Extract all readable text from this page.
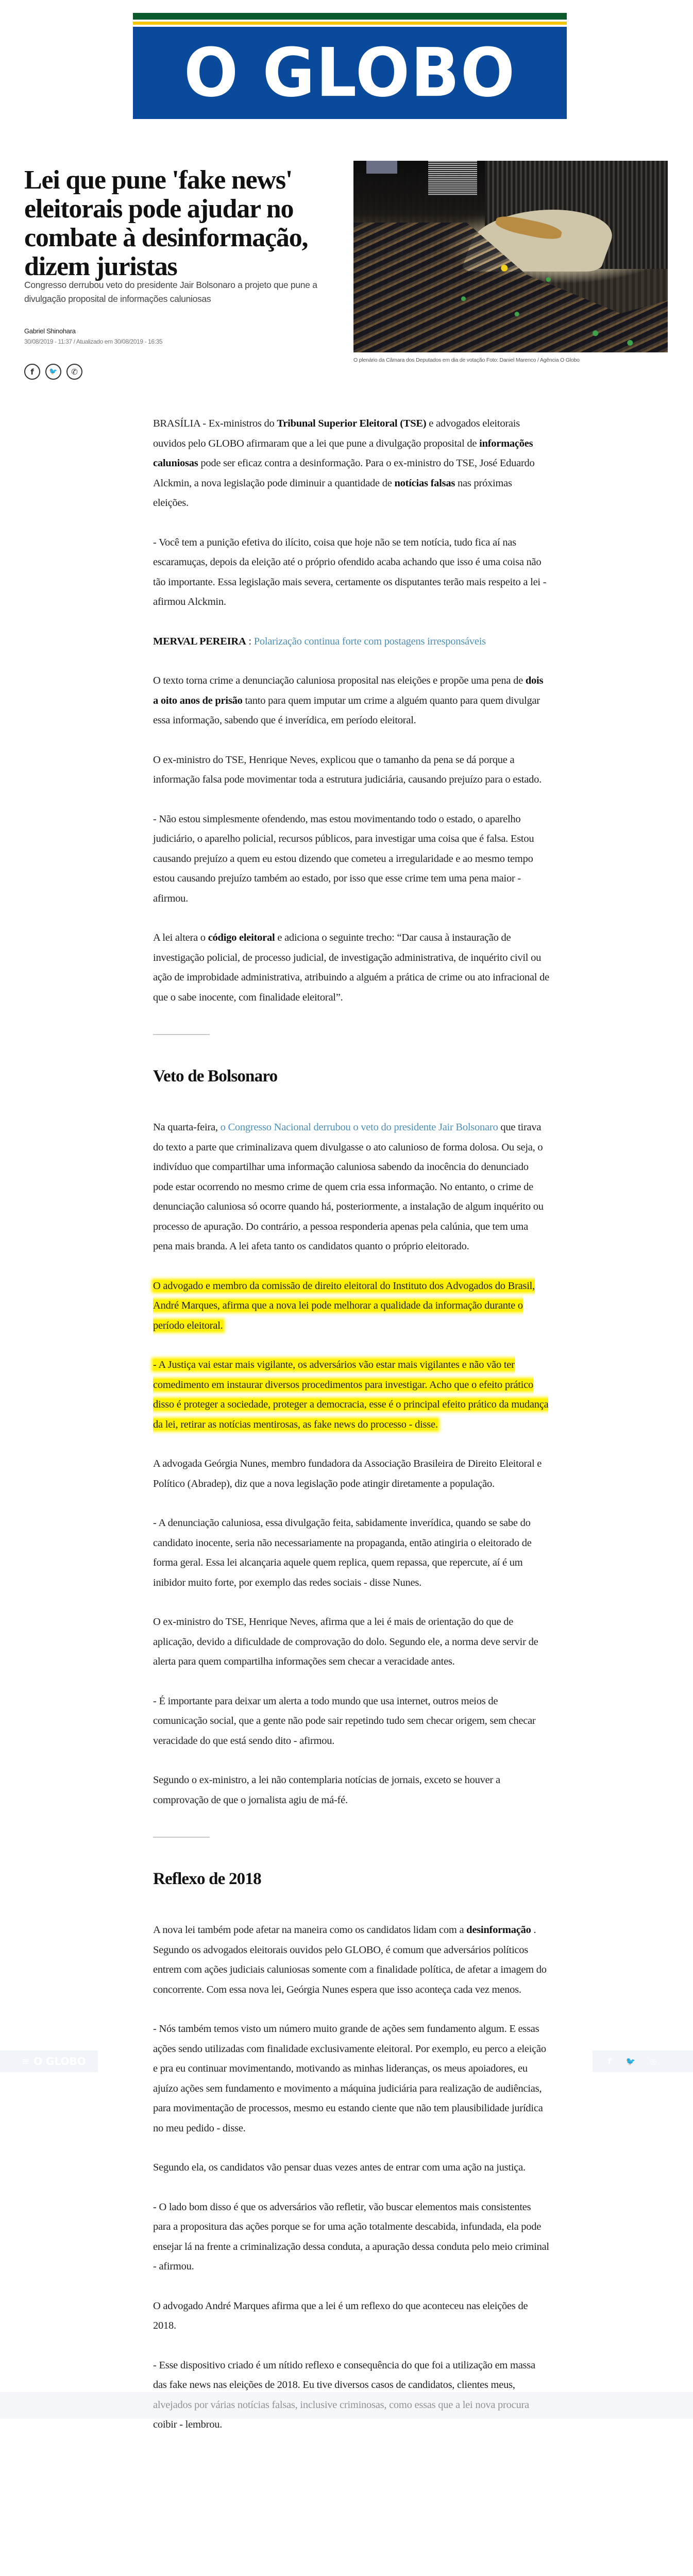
O GLOBO
Lei que pune 'fake news' eleitorais pode ajudar no combate à desinformação, dizem juristas

Congresso derrubou veto do presidente Jair Bolsonaro a projeto que pune a divulgação proposital de informações caluniosas

Gabriel Shinohara
30/08/2019 - 11:37 / Atualizado em 30/08/2019 - 16:35
f 🐦 ✆
O plenário da Câmara dos Deputados em dia de votação Foto: Daniel Marenco / Agência O Globo

BRASÍLIA - Ex-ministros do Tribunal Superior Eleitoral (TSE) e advogados eleitorais ouvidos pelo GLOBO afirmaram que a lei que pune a divulgação proposital de informações caluniosas pode ser eficaz contra a desinformação. Para o ex-ministro do TSE, José Eduardo Alckmin, a nova legislação pode diminuir a quantidade de notícias falsas nas próximas eleições.

- Você tem a punição efetiva do ilícito, coisa que hoje não se tem notícia, tudo fica aí nas escaramuças, depois da eleição até o próprio ofendido acaba achando que isso é uma coisa não tão importante. Essa legislação mais severa, certamente os disputantes terão mais respeito a lei - afirmou Alckmin.

MERVAL PEREIRA : Polarização continua forte com postagens irresponsáveis

O texto torna crime a denunciação caluniosa proposital nas eleições e propõe uma pena de dois a oito anos de prisão tanto para quem imputar um crime a alguém quanto para quem divulgar essa informação, sabendo que é inverídica, em período eleitoral.

O ex-ministro do TSE, Henrique Neves, explicou que o tamanho da pena se dá porque a informação falsa pode movimentar toda a estrutura judiciária, causando prejuízo para o estado.

- Não estou simplesmente ofendendo, mas estou movimentando todo o estado, o aparelho judiciário, o aparelho policial, recursos públicos, para investigar uma coisa que é falsa. Estou causando prejuízo a quem eu estou dizendo que cometeu a irregularidade e ao mesmo tempo estou causando prejuízo também ao estado, por isso que esse crime tem uma pena maior - afirmou.

A lei altera o código eleitoral e adiciona o seguinte trecho: “Dar causa à instauração de investigação policial, de processo judicial, de investigação administrativa, de inquérito civil ou ação de improbidade administrativa, atribuindo a alguém a prática de crime ou ato infracional de que o sabe inocente, com finalidade eleitoral”.

Veto de Bolsonaro

Na quarta-feira, o Congresso Nacional derrubou o veto do presidente Jair Bolsonaro que tirava do texto a parte que criminalizava quem divulgasse o ato calunioso de forma dolosa. Ou seja, o indivíduo que compartilhar uma informação caluniosa sabendo da inocência do denunciado pode estar ocorrendo no mesmo crime de quem cria essa informação. No entanto, o crime de denunciação caluniosa só ocorre quando há, posteriormente, a instalação de algum inquérito ou processo de apuração. Do contrário, a pessoa responderia apenas pela calúnia, que tem uma pena mais branda. A lei afeta tanto os candidatos quanto o próprio eleitorado.

O advogado e membro da comissão de direito eleitoral do Instituto dos Advogados do Brasil, André Marques, afirma que a nova lei pode melhorar a qualidade da informação durante o período eleitoral.

- A Justiça vai estar mais vigilante, os adversários vão estar mais vigilantes e não vão ter comedimento em instaurar diversos procedimentos para investigar. Acho que o efeito prático disso é proteger a sociedade, proteger a democracia, esse é o principal efeito prático da mudança da lei, retirar as notícias mentirosas, as fake news do processo - disse.

A advogada Geórgia Nunes, membro fundadora da Associação Brasileira de Direito Eleitoral e Político (Abradep), diz que a nova legislação pode atingir diretamente a população.

- A denunciação caluniosa, essa divulgação feita, sabidamente inverídica, quando se sabe do candidato inocente, seria não necessariamente na propaganda, então atingiria o eleitorado de forma geral. Essa lei alcançaria aquele quem replica, quem repassa, que repercute, aí é um inibidor muito forte, por exemplo das redes sociais - disse Nunes.

O ex-ministro do TSE, Henrique Neves, afirma que a lei é mais de orientação do que de aplicação, devido a dificuldade de comprovação do dolo. Segundo ele, a norma deve servir de alerta para quem compartilha informações sem checar a veracidade antes.

- É importante para deixar um alerta a todo mundo que usa internet, outros meios de comunicação social, que a gente não pode sair repetindo tudo sem checar origem, sem checar veracidade do que está sendo dito - afirmou.

Segundo o ex-ministro, a lei não contemplaria notícias de jornais, exceto se houver a comprovação de que o jornalista agiu de má-fé.

Reflexo de 2018

A nova lei também pode afetar na maneira como os candidatos lidam com a desinformação . Segundo os advogados eleitorais ouvidos pelo GLOBO, é comum que adversários políticos entrem com ações judiciais caluniosas somente com a finalidade política, de afetar a imagem do concorrente. Com essa nova lei, Geórgia Nunes espera que isso aconteça cada vez menos.

- Nós também temos visto um número muito grande de ações sem fundamento algum. E essas ações sendo utilizadas com finalidade exclusivamente eleitoral. Por exemplo, eu perco a eleição e pra eu continuar movimentando, motivando as minhas lideranças, os meus apoiadores, eu ajuízo ações sem fundamento e movimento a máquina judiciária para realização de audiências, para movimentação de processos, mesmo eu estando ciente que não tem plausibilidade jurídica no meu pedido - disse.

Segundo ela, os candidatos vão pensar duas vezes antes de entrar com uma ação na justiça.

- O lado bom disso é que os adversários vão refletir, vão buscar elementos mais consistentes para a propositura das ações porque se for uma ação totalmente descabida, infundada, ela pode ensejar lá na frente a criminalização dessa conduta, a apuração dessa conduta pelo meio criminal - afirmou.

O advogado André Marques afirma que a lei é um reflexo do que aconteceu nas eleições de 2018.

- Esse dispositivo criado é um nítido reflexo e consequência do que foi a utilização em massa das fake news nas eleições de 2018. Eu tive diversos casos de candidatos, clientes meus, coibir - lembrou.

≡ O GLOBO	f 🐦 ◎
